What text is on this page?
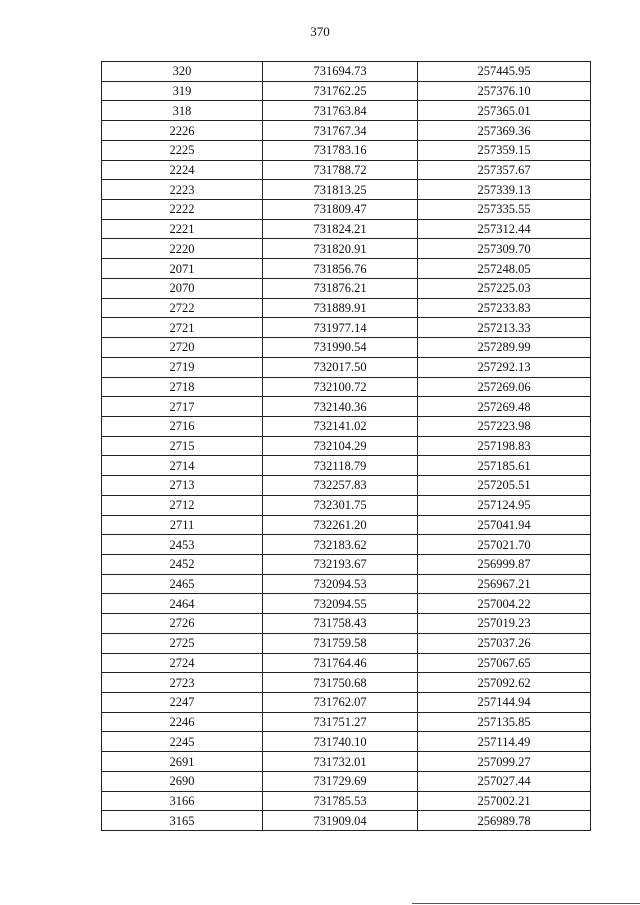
370
320	731694.73	257445.95
319	731762.25	257376.10
318	731763.84	257365.01
2226	731767.34	257369.36
2225	731783.16	257359.15
2224	731788.72	257357.67
2223	731813.25	257339.13
2222	731809.47	257335.55
2221	731824.21	257312.44
2220	731820.91	257309.70
2071	731856.76	257248.05
2070	731876.21	257225.03
2722	731889.91	257233.83
2721	731977.14	257213.33
2720	731990.54	257289.99
2719	732017.50	257292.13
2718	732100.72	257269.06
2717	732140.36	257269.48
2716	732141.02	257223.98
2715	732104.29	257198.83
2714	732118.79	257185.61
2713	732257.83	257205.51
2712	732301.75	257124.95
2711	732261.20	257041.94
2453	732183.62	257021.70
2452	732193.67	256999.87
2465	732094.53	256967.21
2464	732094.55	257004.22
2726	731758.43	257019.23
2725	731759.58	257037.26
2724	731764.46	257067.65
2723	731750.68	257092.62
2247	731762.07	257144.94
2246	731751.27	257135.85
2245	731740.10	257114.49
2691	731732.01	257099.27
2690	731729.69	257027.44
3166	731785.53	257002.21
3165	731909.04	256989.78
